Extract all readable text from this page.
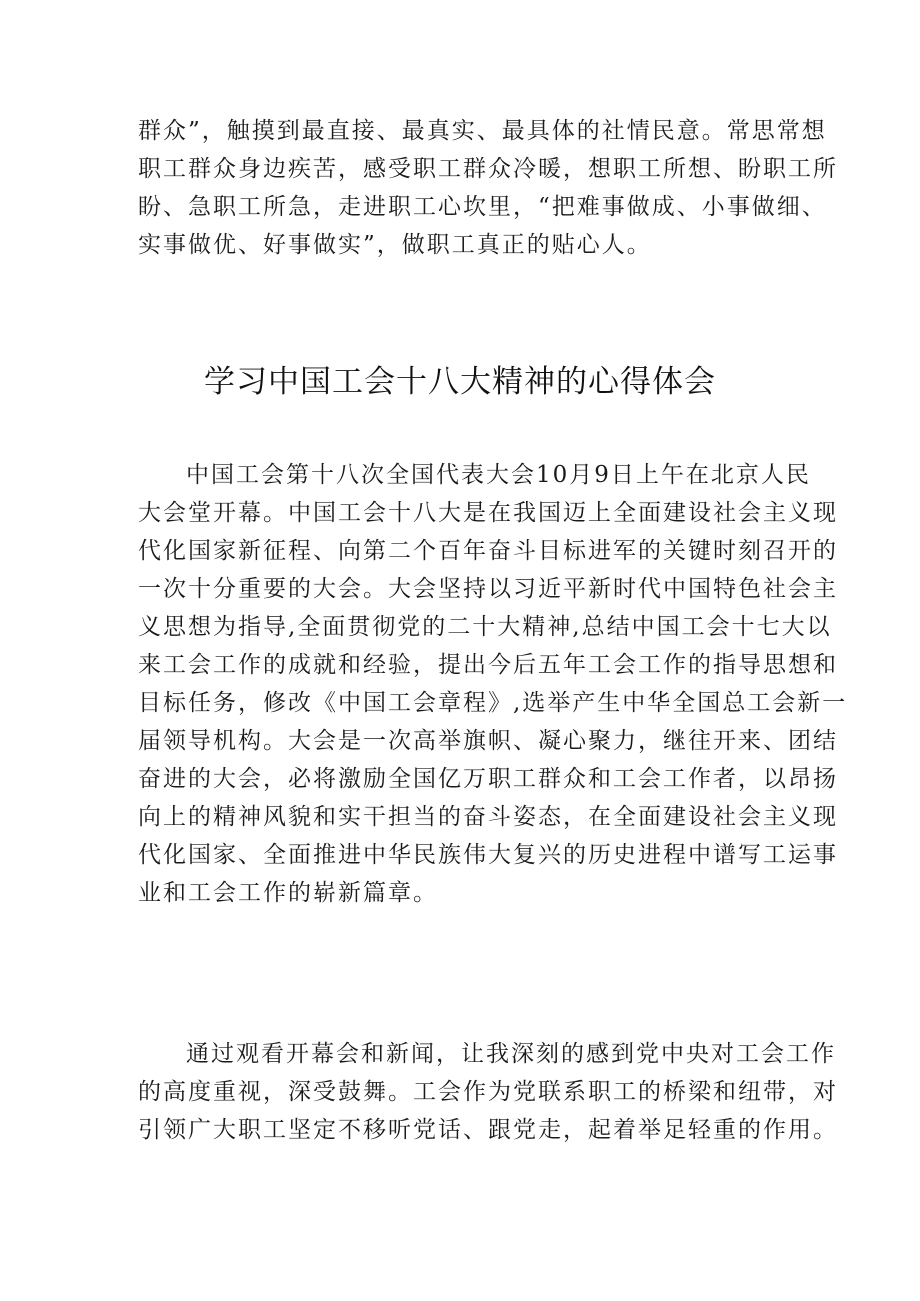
群众”，触摸到最直接、最真实、最具体的社情民意。常思常想
职工群众身边疾苦，感受职工群众冷暖，想职工所想、盼职工所
盼、急职工所急，走进职工心坎里，“把难事做成、小事做细、
实事做优、好事做实”，做职工真正的贴心人。
学习中国工会十八大精神的心得体会
中国工会第十八次全国代表大会10月9日上午在北京人民
大会堂开幕。中国工会十八大是在我国迈上全面建设社会主义现
代化国家新征程、向第二个百年奋斗目标进军的关键时刻召开的
一次十分重要的大会。大会坚持以习近平新时代中国特色社会主
义思想为指导,全面贯彻党的二十大精神,总结中国工会十七大以
来工会工作的成就和经验，提出今后五年工会工作的指导思想和
目标任务，修改《中国工会章程》,选举产生中华全国总工会新一
届领导机构。大会是一次高举旗帜、凝心聚力，继往开来、团结
奋进的大会，必将激励全国亿万职工群众和工会工作者，以昂扬
向上的精神风貌和实干担当的奋斗姿态，在全面建设社会主义现
代化国家、全面推进中华民族伟大复兴的历史进程中谱写工运事
业和工会工作的崭新篇章。
通过观看开幕会和新闻，让我深刻的感到党中央对工会工作
的高度重视，深受鼓舞。工会作为党联系职工的桥梁和纽带，对
引领广大职工坚定不移听党话、跟党走，起着举足轻重的作用。
